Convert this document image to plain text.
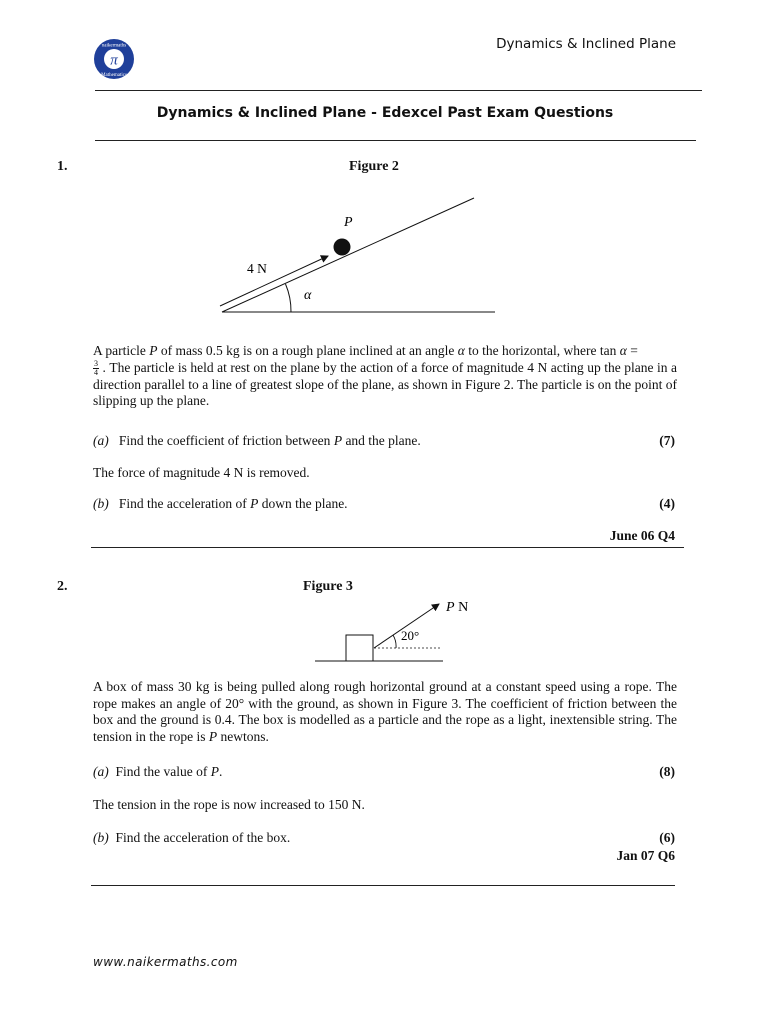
π
naikermaths
Mathematics
Dynamics & Inclined Plane
Dynamics & Inclined Plane - Edexcel Past Exam Questions
1.	Figure 2
P
4 N
α
A particle P of mass 0.5 kg is on a rough plane inclined at an angle α to the horizontal, where tan α =

$\frac{3}{4}$ . The particle is held at rest on the plane by the action of a force of magnitude 4 N acting up the plane in a direction parallel to a line of greatest slope of the plane, as shown in Figure 2. The particle is on the point of slipping up the plane.
(a) Find the coefficient of friction between P and the plane.	(7)
The force of magnitude 4 N is removed.
(b) Find the acceleration of P down the plane.	(4)
June 06 Q4
2.	Figure 3
P N
20°
A box of mass 30 kg is being pulled along rough horizontal ground at a constant speed using a rope. The rope makes an angle of 20° with the ground, as shown in Figure 3. The coefficient of friction between the box and the ground is 0.4. The box is modelled as a particle and the rope as a light, inextensible string. The tension in the rope is P newtons.
(a) Find the value of P.	(8)
The tension in the rope is now increased to 150 N.
(b) Find the acceleration of the box.	(6)
Jan 07 Q6
www.naikermaths.com
